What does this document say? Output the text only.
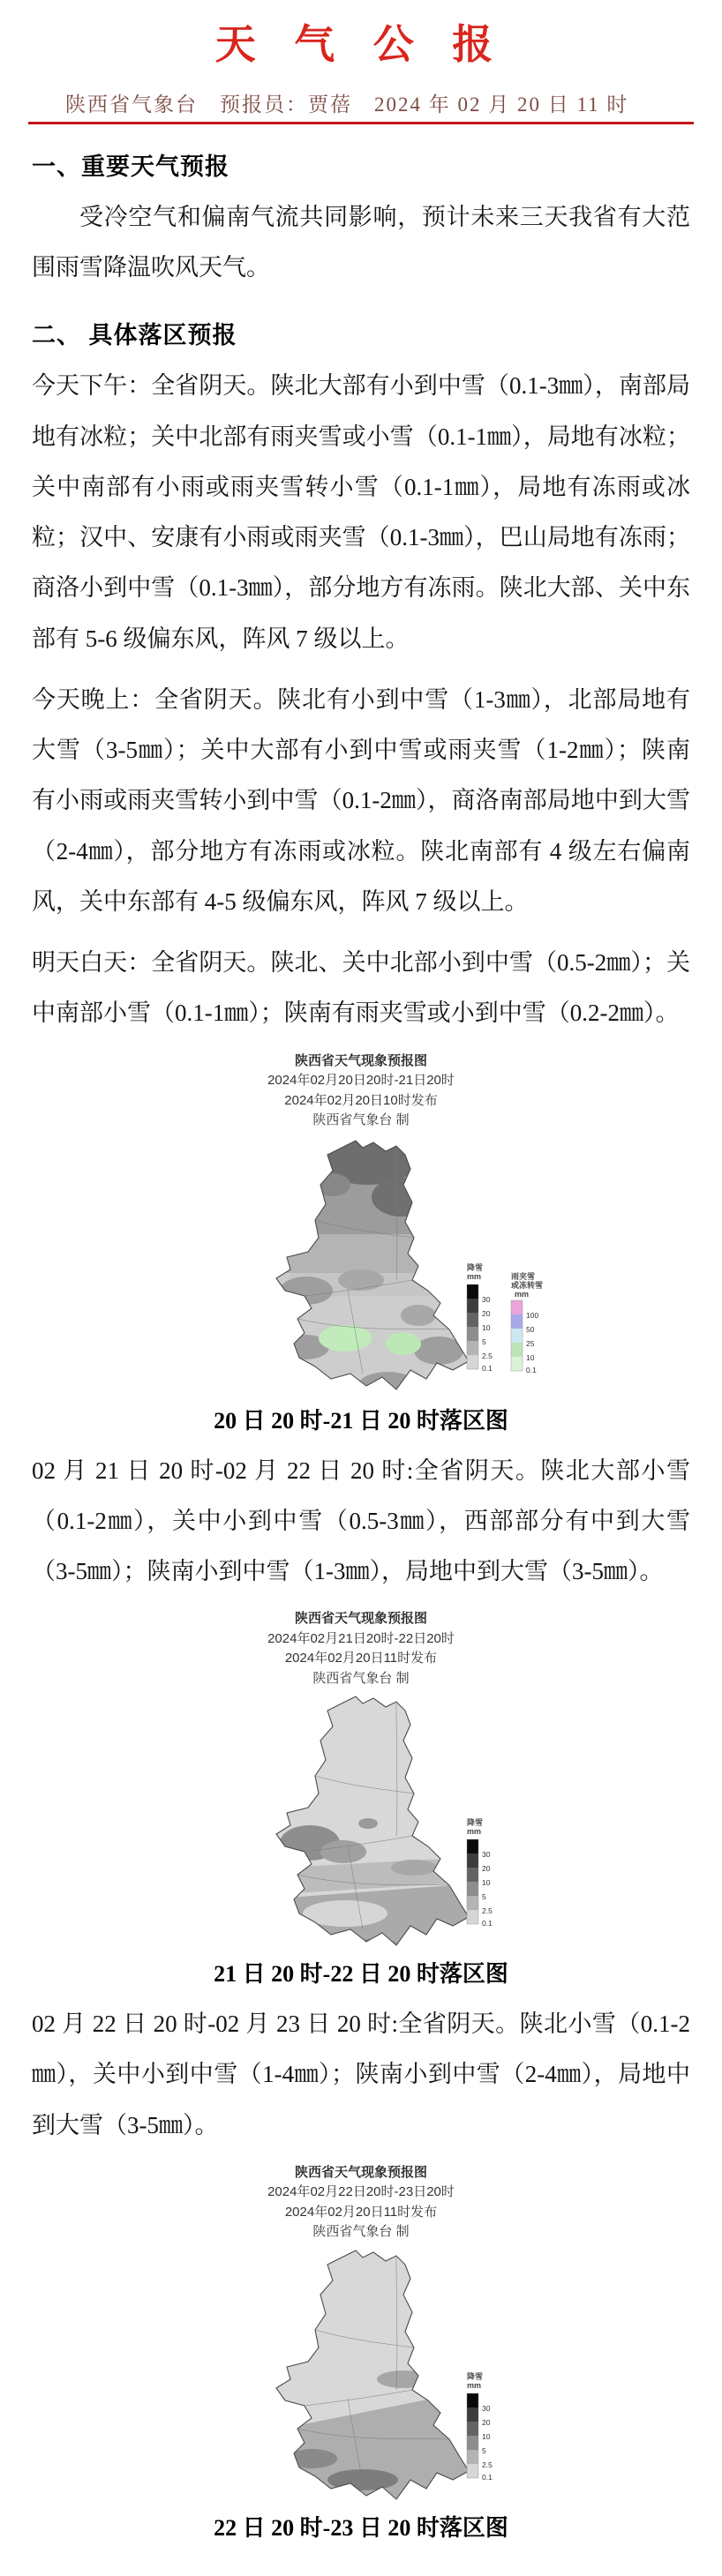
天 气 公 报
陕西省气象台　预报员：贾蓓　2024 年 02 月 20 日 11 时
一、重要天气预报

受冷空气和偏南气流共同影响，预计未来三天我省有大范围雨雪降温吹风天气。

二、 具体落区预报

今天下午：全省阴天。陕北大部有小到中雪（0.1-3㎜），南部局地有冰粒；关中北部有雨夹雪或小雪（0.1-1㎜），局地有冰粒；关中南部有小雨或雨夹雪转小雪（0.1-1㎜），局地有冻雨或冰粒；汉中、安康有小雨或雨夹雪（0.1-3㎜），巴山局地有冻雨；商洛小到中雪（0.1-3㎜），部分地方有冻雨。陕北大部、关中东部有 5-6 级偏东风，阵风 7 级以上。

今天晚上：全省阴天。陕北有小到中雪（1-3㎜），北部局地有大雪（3-5㎜）；关中大部有小到中雪或雨夹雪（1-2㎜）；陕南有小雨或雨夹雪转小到中雪（0.1-2㎜），商洛南部局地中到大雪（2-4㎜），部分地方有冻雨或冰粒。陕北南部有 4 级左右偏南风，关中东部有 4-5 级偏东风，阵风 7 级以上。

明天白天：全省阴天。陕北、关中北部小到中雪（0.5-2㎜）；关中南部小雪（0.1-1㎜）；陕南有雨夹雪或小到中雪（0.2-2㎜）。

陕西省天气现象预报图
2024年02月20日20时-21日20时
2024年02月20日10时发布
陕西省气象台 制
降雪
mm
30
20
10
5
2.5
0.1
雨夹雪
或冻转雪
mm
100
50
25
10
0.1
20 日 20 时-21 日 20 时落区图

02 月 21 日 20 时-02 月 22 日 20 时:全省阴天。陕北大部小雪（0.1-2㎜），关中小到中雪（0.5-3㎜），西部部分有中到大雪（3-5㎜）；陕南小到中雪（1-3㎜），局地中到大雪（3-5㎜）。

陕西省天气现象预报图
2024年02月21日20时-22日20时
2024年02月20日11时发布
陕西省气象台 制
降雪
mm
30
20
10
5
2.5
0.1
21 日 20 时-22 日 20 时落区图

02 月 22 日 20 时-02 月 23 日 20 时:全省阴天。陕北小雪（0.1-2㎜），关中小到中雪（1-4㎜）；陕南小到中雪（2-4㎜），局地中到大雪（3-5㎜）。

陕西省天气现象预报图
2024年02月22日20时-23日20时
2024年02月20日11时发布
陕西省气象台 制
降雪
mm
30
20
10
5
2.5
0.1
22 日 20 时-23 日 20 时落区图
